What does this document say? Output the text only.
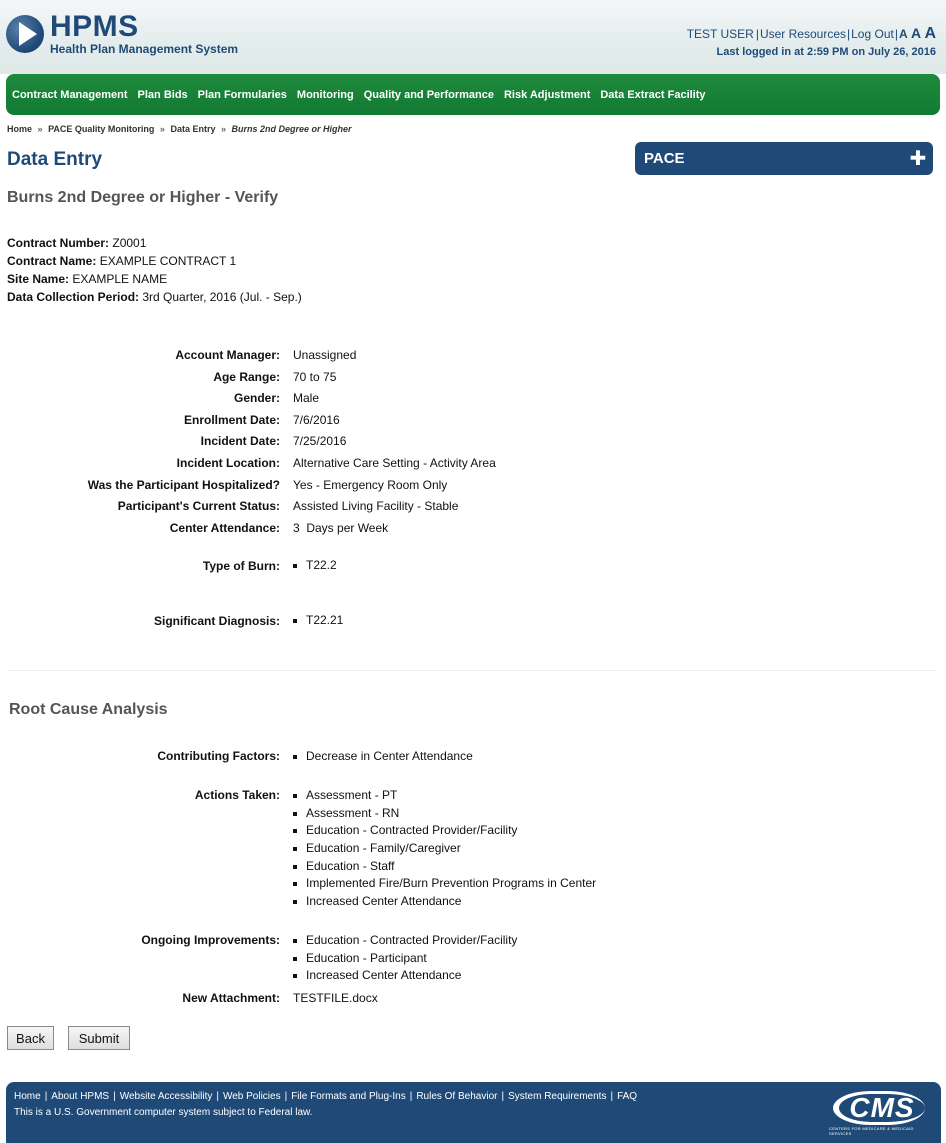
HPMS
Health Plan Management System
TEST USER |User Resources|Log Out|A A A
Last logged in at 2:59 PM on July 26, 2016
Contract Management Plan Bids Plan Formularies Monitoring Quality and Performance Risk Adjustment Data Extract Facility
Home » PACE Quality Monitoring » Data Entry » Burns 2nd Degree or Higher
Data Entry	PACE	✚
Burns 2nd Degree or Higher - Verify
Contract Number: Z0001
Contract Name: EXAMPLE CONTRACT 1
Site Name: EXAMPLE NAME
Data Collection Period: 3rd Quarter, 2016 (Jul. - Sep.)
Account Manager: Unassigned
Age Range: 70 to 75
Gender: Male
Enrollment Date: 7/6/2016
Incident Date: 7/25/2016
Incident Location: Alternative Care Setting - Activity Area
Was the Participant Hospitalized? Yes - Emergency Room Only
Participant's Current Status: Assisted Living Facility - Stable
Center Attendance: 3  Days per Week
Type of Burn:	T22.2
Significant Diagnosis:	T22.21
Root Cause Analysis
Contributing Factors:	Decrease in Center Attendance
Actions Taken:	Assessment - PT
Assessment - RN
Education - Contracted Provider/Facility
Education - Family/Caregiver
Education - Staff
Implemented Fire/Burn Prevention Programs in Center
Increased Center Attendance
Ongoing Improvements:	Education - Contracted Provider/Facility
Education - Participant
Increased Center Attendance
New Attachment: TESTFILE.docx
Back	Submit
Home | About HPMS | Website Accessibility | Web Policies | File Formats and Plug-Ins | Rules Of Behavior | System Requirements | FAQ
This is a U.S. Government computer system subject to Federal law.	CMS
CENTERS FOR MEDICARE & MEDICAID SERVICES
